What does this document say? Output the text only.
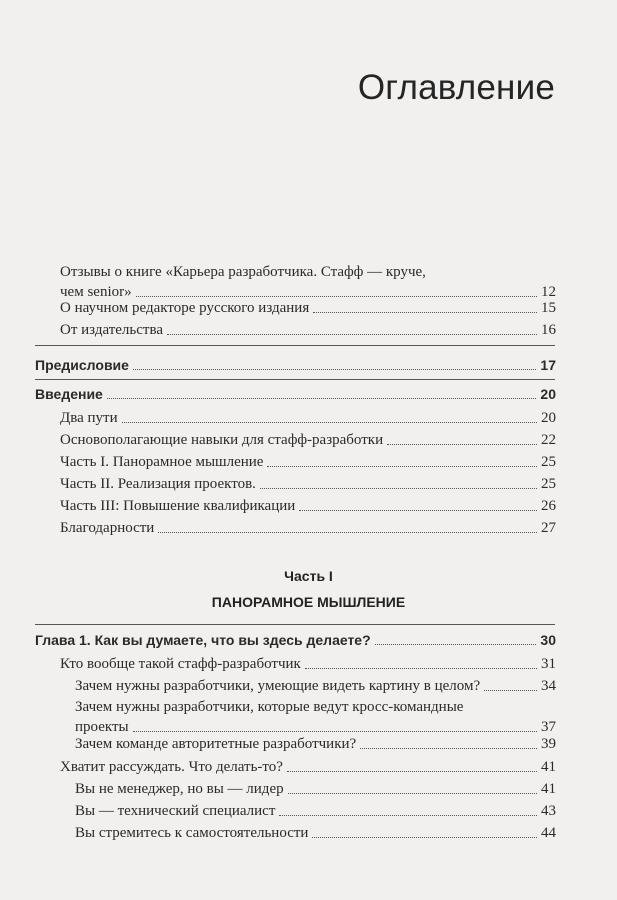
Оглавление
Отзывы о книге «Карьера разработчика. Стафф — круче,
чем senior»	12
О научном редакторе русского издания	15
От издательства	16
Предисловие	17
Введение	20
Два пути	20
Основополагающие навыки для стафф-разработки	22
Часть I. Панорамное мышление	25
Часть II. Реализация проектов.	25
Часть III: Повышение квалификации	26
Благодарности	27
Часть I
ПАНОРАМНОЕ МЫШЛЕНИЕ
Глава 1. Как вы думаете, что вы здесь делаете?	30
Кто вообще такой стафф-разработчик	31
Зачем нужны разработчики, умеющие видеть картину в целом?	34
Зачем нужны разработчики, которые ведут кросс-командные
проекты	37
Зачем команде авторитетные разработчики?	39
Хватит рассуждать. Что делать-то?	41
Вы не менеджер, но вы — лидер	41
Вы — технический специалист	43
Вы стремитесь к самостоятельности	44
